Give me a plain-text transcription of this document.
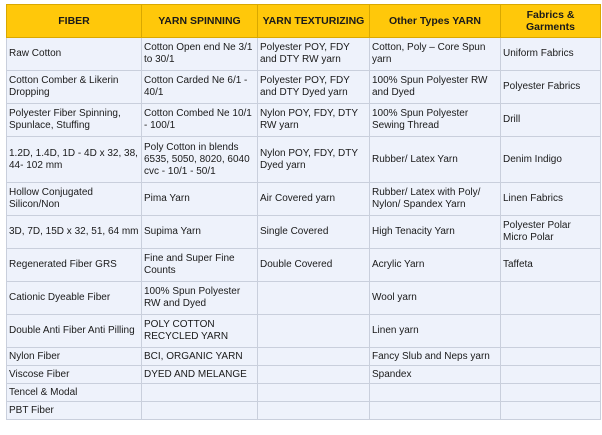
FIBER	YARN SPINNING	YARN TEXTURIZING	Other Types YARN	Fabrics & Garments
Raw Cotton	Cotton Open end Ne 3/1 to 30/1	Polyester POY, FDY and DTY RW yarn	Cotton, Poly – Core Spun yarn	Uniform Fabrics
Cotton Comber & Likerin Dropping	Cotton Carded Ne 6/1 - 40/1	Polyester POY, FDY and DTY Dyed yarn	100% Spun Polyester RW and Dyed	Polyester Fabrics
Polyester Fiber Spinning, Spunlace, Stuffing	Cotton Combed Ne 10/1 - 100/1	Nylon POY, FDY, DTY RW yarn	100% Spun Polyester Sewing Thread	Drill
1.2D, 1.4D, 1D - 4D x 32, 38, 44- 102 mm	Poly Cotton in blends 6535, 5050, 8020, 6040 cvc - 10/1 - 50/1	Nylon POY, FDY, DTY Dyed yarn	Rubber/ Latex Yarn	Denim Indigo
Hollow Conjugated Silicon/Non	Pima Yarn	Air Covered yarn	Rubber/ Latex with Poly/ Nylon/ Spandex Yarn	Linen Fabrics
3D, 7D, 15D x 32, 51, 64 mm	Supima Yarn	Single Covered	High Tenacity Yarn	Polyester Polar Micro Polar
Regenerated Fiber GRS	Fine and Super Fine Counts	Double Covered	Acrylic Yarn	Taffeta
Cationic Dyeable Fiber	100% Spun Polyester RW and Dyed		Wool yarn	
Double Anti Fiber Anti Pilling	POLY COTTON RECYCLED YARN		Linen yarn	
Nylon Fiber	BCI, ORGANIC YARN		Fancy Slub and Neps yarn	
Viscose Fiber	DYED AND MELANGE		Spandex	
Tencel & Modal				
PBT Fiber				
